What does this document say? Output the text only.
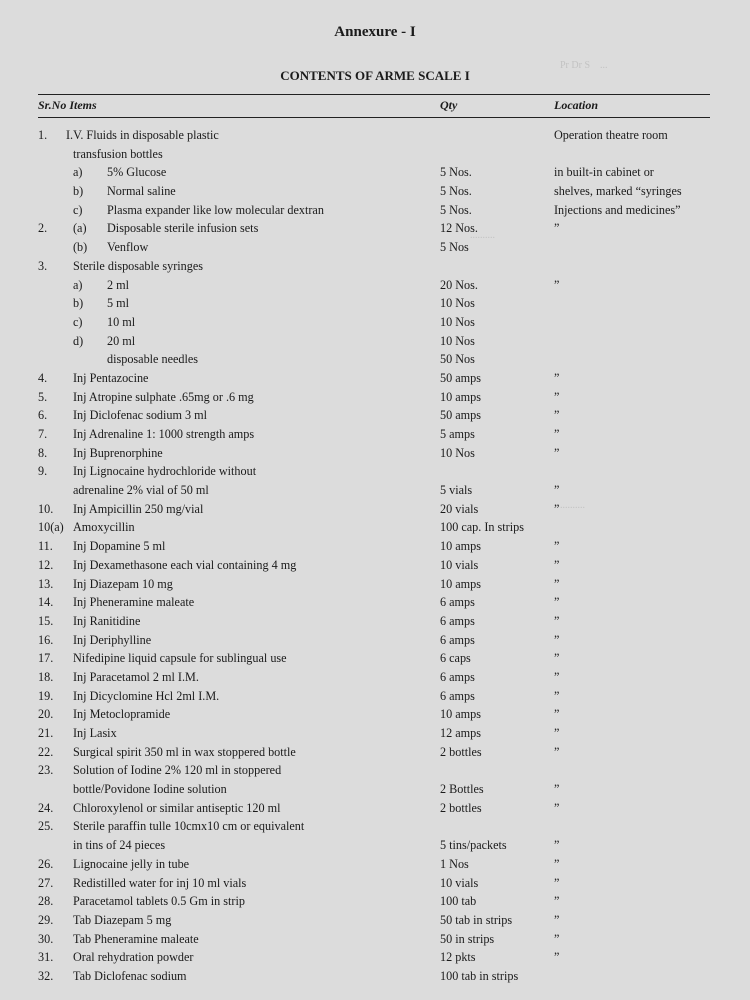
Pr Dr S    ...
..........
..........
Annexure - I
CONTENTS OF ARME SCALE I
Sr.No Items	Qty	Location
1. I.V. Fluids in disposable plastic	Operation theatre room
transfusion bottles
a) 5% Glucose	5 Nos.	in built-in cabinet or
b) Normal saline	5 Nos.	shelves, marked “syringes
c) Plasma expander like low molecular dextran	5 Nos.	Injections and medicines”
2. (a) Disposable sterile infusion sets	12 Nos.	”
(b) Venflow	5 Nos
3. Sterile disposable syringes
a) 2 ml	20 Nos.	”
b) 5 ml	10 Nos
c) 10 ml	10 Nos
d) 20 ml	10 Nos
disposable needles	50 Nos
4. Inj Pentazocine	50 amps	”
5. Inj Atropine sulphate .65mg or .6 mg	10 amps	”
6. Inj Diclofenac sodium 3 ml	50 amps	”
7. Inj Adrenaline 1: 1000 strength amps	5 amps	”
8. Inj Buprenorphine	10 Nos	”
9. Inj Lignocaine hydrochloride without
adrenaline 2% vial of 50 ml	5 vials	”
10. Inj Ampicillin 250 mg/vial	20 vials	”
10(a) Amoxycillin	100 cap. In strips
11. Inj Dopamine 5 ml	10 amps	”
12. Inj Dexamethasone each vial containing 4 mg	10 vials	”
13. Inj Diazepam 10 mg	10 amps	”
14. Inj Pheneramine maleate	6 amps	”
15. Inj Ranitidine	6 amps	”
16. Inj Deriphylline	6 amps	”
17. Nifedipine liquid capsule for sublingual use	6 caps	”
18. Inj Paracetamol 2 ml I.M.	6 amps	”
19. Inj Dicyclomine Hcl 2ml I.M.	6 amps	”
20. Inj Metoclopramide	10 amps	”
21. Inj Lasix	12 amps	”
22. Surgical spirit 350 ml in wax stoppered bottle	2 bottles	”
23. Solution of Iodine 2% 120 ml in stoppered
bottle/Povidone Iodine solution	2 Bottles	”
24. Chloroxylenol or similar antiseptic 120 ml	2 bottles	”
25. Sterile paraffin tulle 10cmx10 cm or equivalent
in tins of 24 pieces	5 tins/packets	”
26. Lignocaine jelly in tube	1 Nos	”
27. Redistilled water for inj 10 ml vials	10 vials	”
28. Paracetamol tablets 0.5 Gm in strip	100 tab	”
29. Tab Diazepam 5 mg	50 tab in strips	”
30. Tab Pheneramine maleate	50 in strips	”
31. Oral rehydration powder	12 pkts	”
32. Tab Diclofenac sodium	100 tab in strips
